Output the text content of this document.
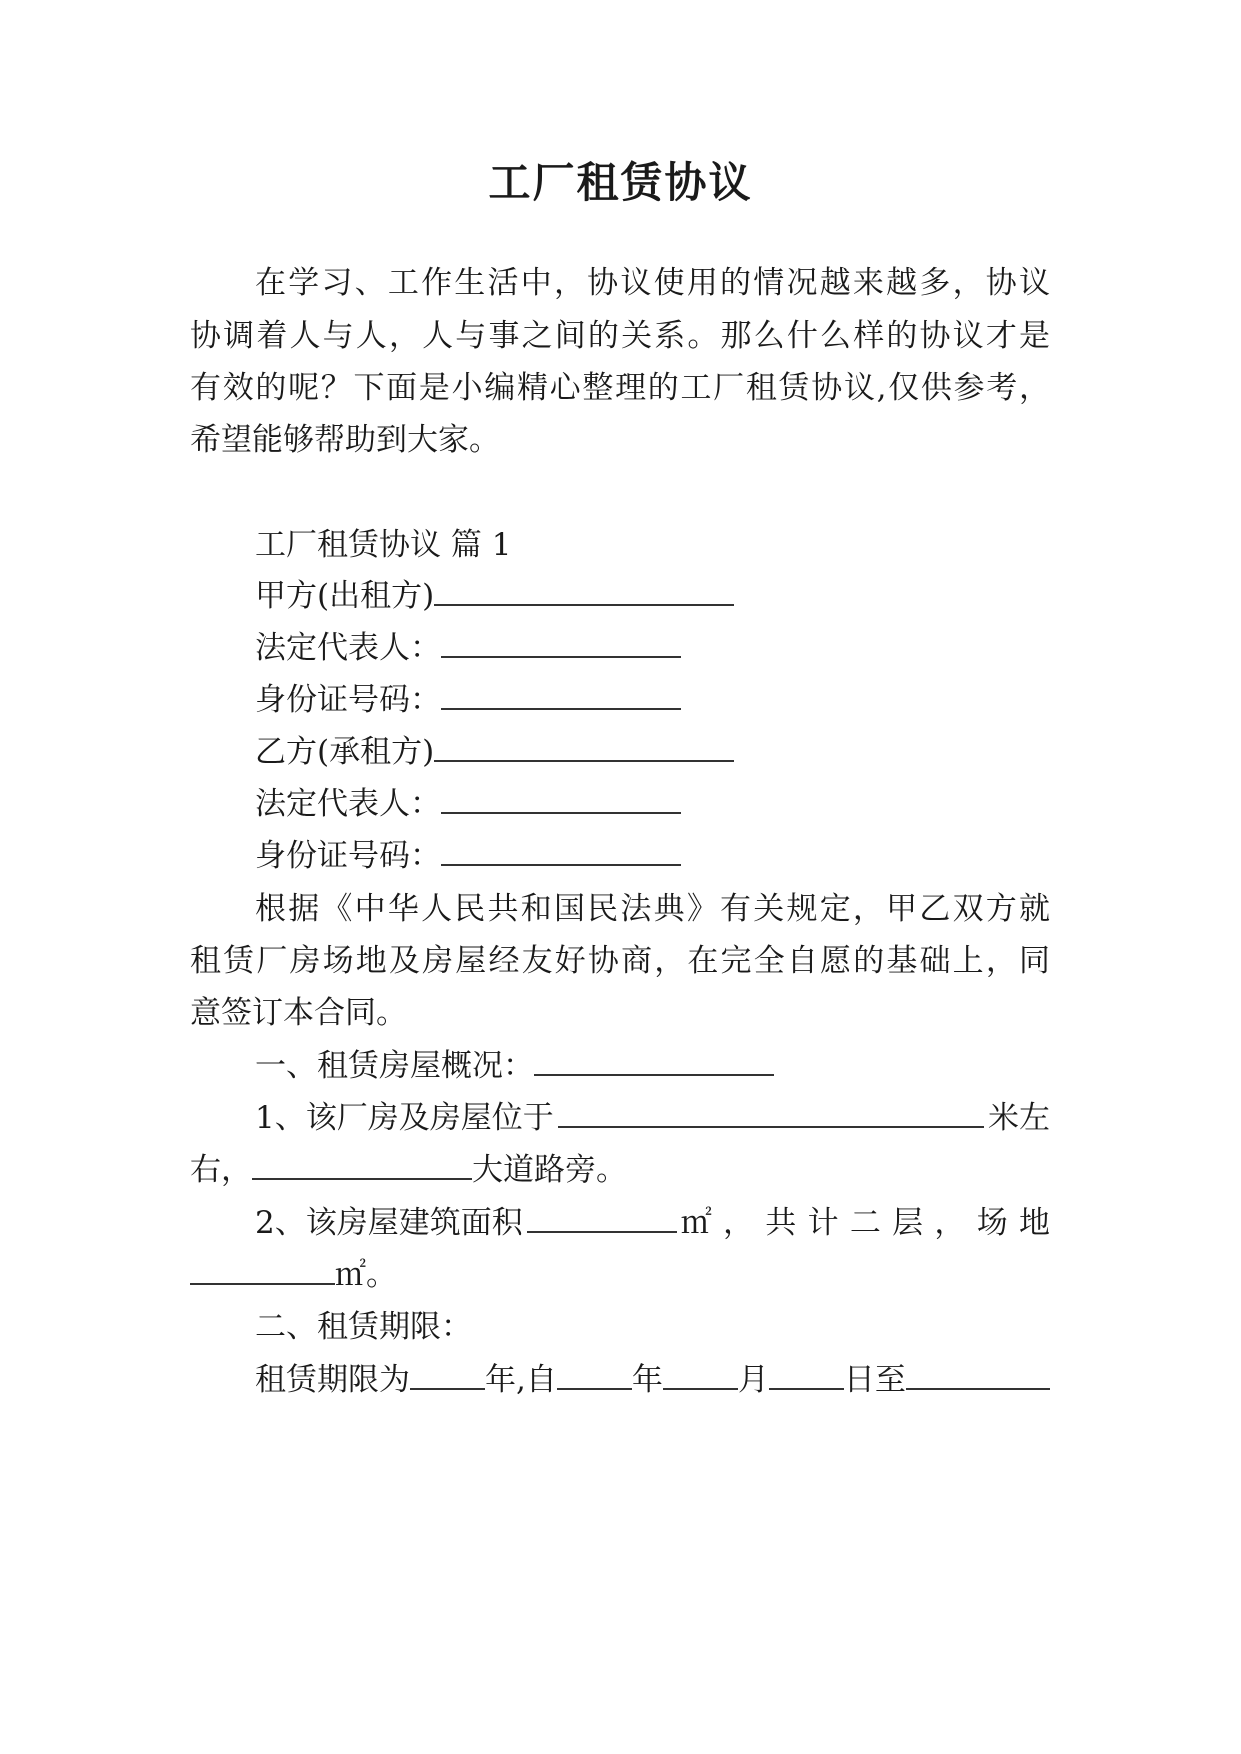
工厂租赁协议
在学习、工作生活中，协议使用的情况越来越多，协议
协调着人与人，人与事之间的关系。那么什么样的协议才是
有效的呢？下面是小编精心整理的工厂租赁协议,仅供参考，
希望能够帮助到大家。
工厂租赁协议 篇 1
甲方(出租方)
法定代表人：
身份证号码：
乙方(承租方)
法定代表人：
身份证号码：
根据《中华人民共和国民法典》有关规定，甲乙双方就
租赁厂房场地及房屋经友好协商，在完全自愿的基础上，同
意签订本合同。
一、租赁房屋概况：
1、该厂房及房屋位于	米左
右，	大道路旁。
2、该房屋建筑面积	㎡，共计二层，场地
㎡。
二、租赁期限：
租赁期限为 年,自 年 月 日至
